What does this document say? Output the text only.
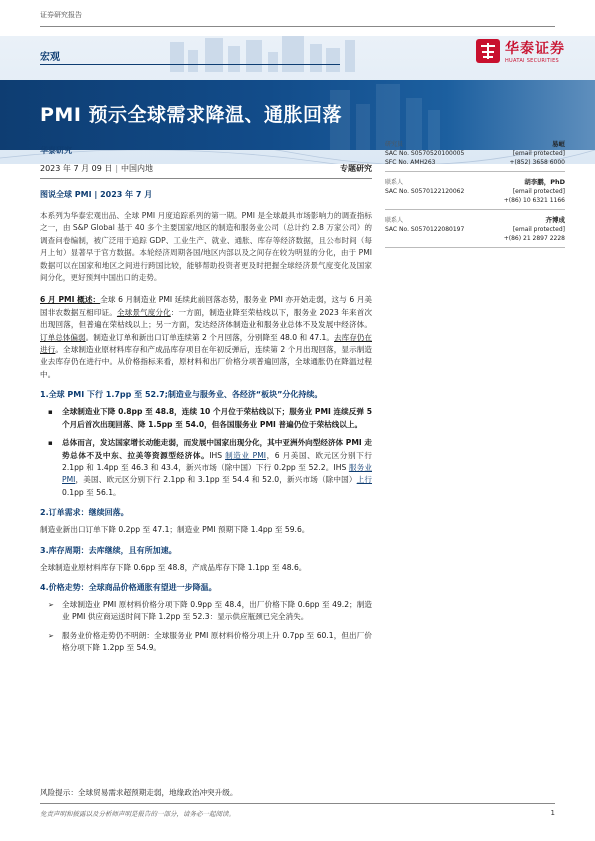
证券研究报告
宏观
PMI 预示全球需求降温、通胀回落
华泰证券
HUATAI SECURITIES
华泰研究
2023 年 7 月 09 日 | 中国内地	专题研究
图说全球 PMI | 2023 年 7 月

本系列为华泰宏观出品、全球 PMI 月度追踪系列的第一期。PMI 是全球最具市场影响力的调查指标之一，由 S&P Global 基于 40 多个主要国家/地区的制造和服务业公司（总计约 2.8 万家公司）的调查问卷编制，被广泛用于追踪 GDP、工业生产、就业、通胀、库存等经济数据，且公布时间（每月上旬）显著早于官方数据。本轮经济周期各国/地区内部以及之间存在较为明显的分化，由于 PMI 数据可以在国家和地区之间进行跨国比较，能够帮助投资者更及时把握全球经济景气度变化及国家间分化，更好预判中国出口的走势。

6 月 PMI 概述：全球 6 月制造业 PMI 延续此前回落态势，服务业 PMI 亦开始走弱，这与 6 月美国非农数据互相印证。全球景气度分化：一方面，制造业降至荣枯线以下，服务业 2023 年来首次出现回落，但普遍在荣枯线以上；另一方面，发达经济体制造业和服务业总体不及发展中经济体。订单总体偏弱。制造业订单和新出口订单连续第 2 个月回落，分别降至 48.0 和 47.1。去库存仍在进行。全球制造业原材料库存和产成品库存项目在年初反弹后，连续第 2 个月出现回落，显示制造业去库存仍在进行中。从价格指标来看，原材料和出厂价格分项普遍回落，全球通胀仍在降温过程中。

1.全球 PMI 下行 1.7pp 至 52.7;制造业与服务业、各经济“板块”分化持续。
▪ 全球制造业下降 0.8pp 至 48.8，连续 10 个月位于荣枯线以下；服务业 PMI 连续反弹 5 个月后首次出现回落、降 1.5pp 至 54.0，但各国服务业 PMI 普遍仍位于荣枯线以上。
▪ 总体而言，发达国家增长动能走弱，而发展中国家出现分化，其中亚洲外向型经济体 PMI 走势总体不及中东、拉美等资源型经济体。IHS 制造业 PMI，6 月美国、欧元区分别下行 2.1pp 和 1.4pp 至 46.3 和 43.4，新兴市场（除中国）下行 0.2pp 至 52.2。IHS 服务业 PMI，美国、欧元区分别下行 2.1pp 和 3.1pp 至 54.4 和 52.0，新兴市场（除中国）上行 0.1pp 至 56.1。
2.订单需求：继续回落。

制造业新出口订单下降 0.2pp 至 47.1；制造业 PMI 预期下降 1.4pp 至 59.6。

3.库存周期：去库继续，且有所加速。

全球制造业原材料库存下降 0.6pp 至 48.8，产成品库存下降 1.1pp 至 48.6。

4.价格走势：全球商品价格通胀有望进一步降温。
➢ 全球制造业 PMI 原材料价格分项下降 0.9pp 至 48.4，出厂价格下降 0.6pp 至 49.2；制造业 PMI 供应商运送时间下降 1.2pp 至 52.3：显示供应瓶颈已完全消失。
➢ 服务业价格走势仍不明朗：全球服务业 PMI 原材料价格分项上升 0.7pp 至 60.1，但出厂价格分项下降 1.2pp 至 54.9。
研究员	易峘
SAC No. S0570520100005	[email protected]
SFC No. AMH263	+(852) 3658 6000
联系人	胡李鹏，PhD
SAC No. S0570122120062	[email protected]
+(86) 10 6321 1166
联系人	齐博成
SAC No. S0570122080197	[email protected]
+(86) 21 2897 2228
风险提示：全球贸易需求超预期走弱，地缘政治冲突升级。
免责声明和披露以及分析师声明是报告的一部分，请务必一起阅读。	1
